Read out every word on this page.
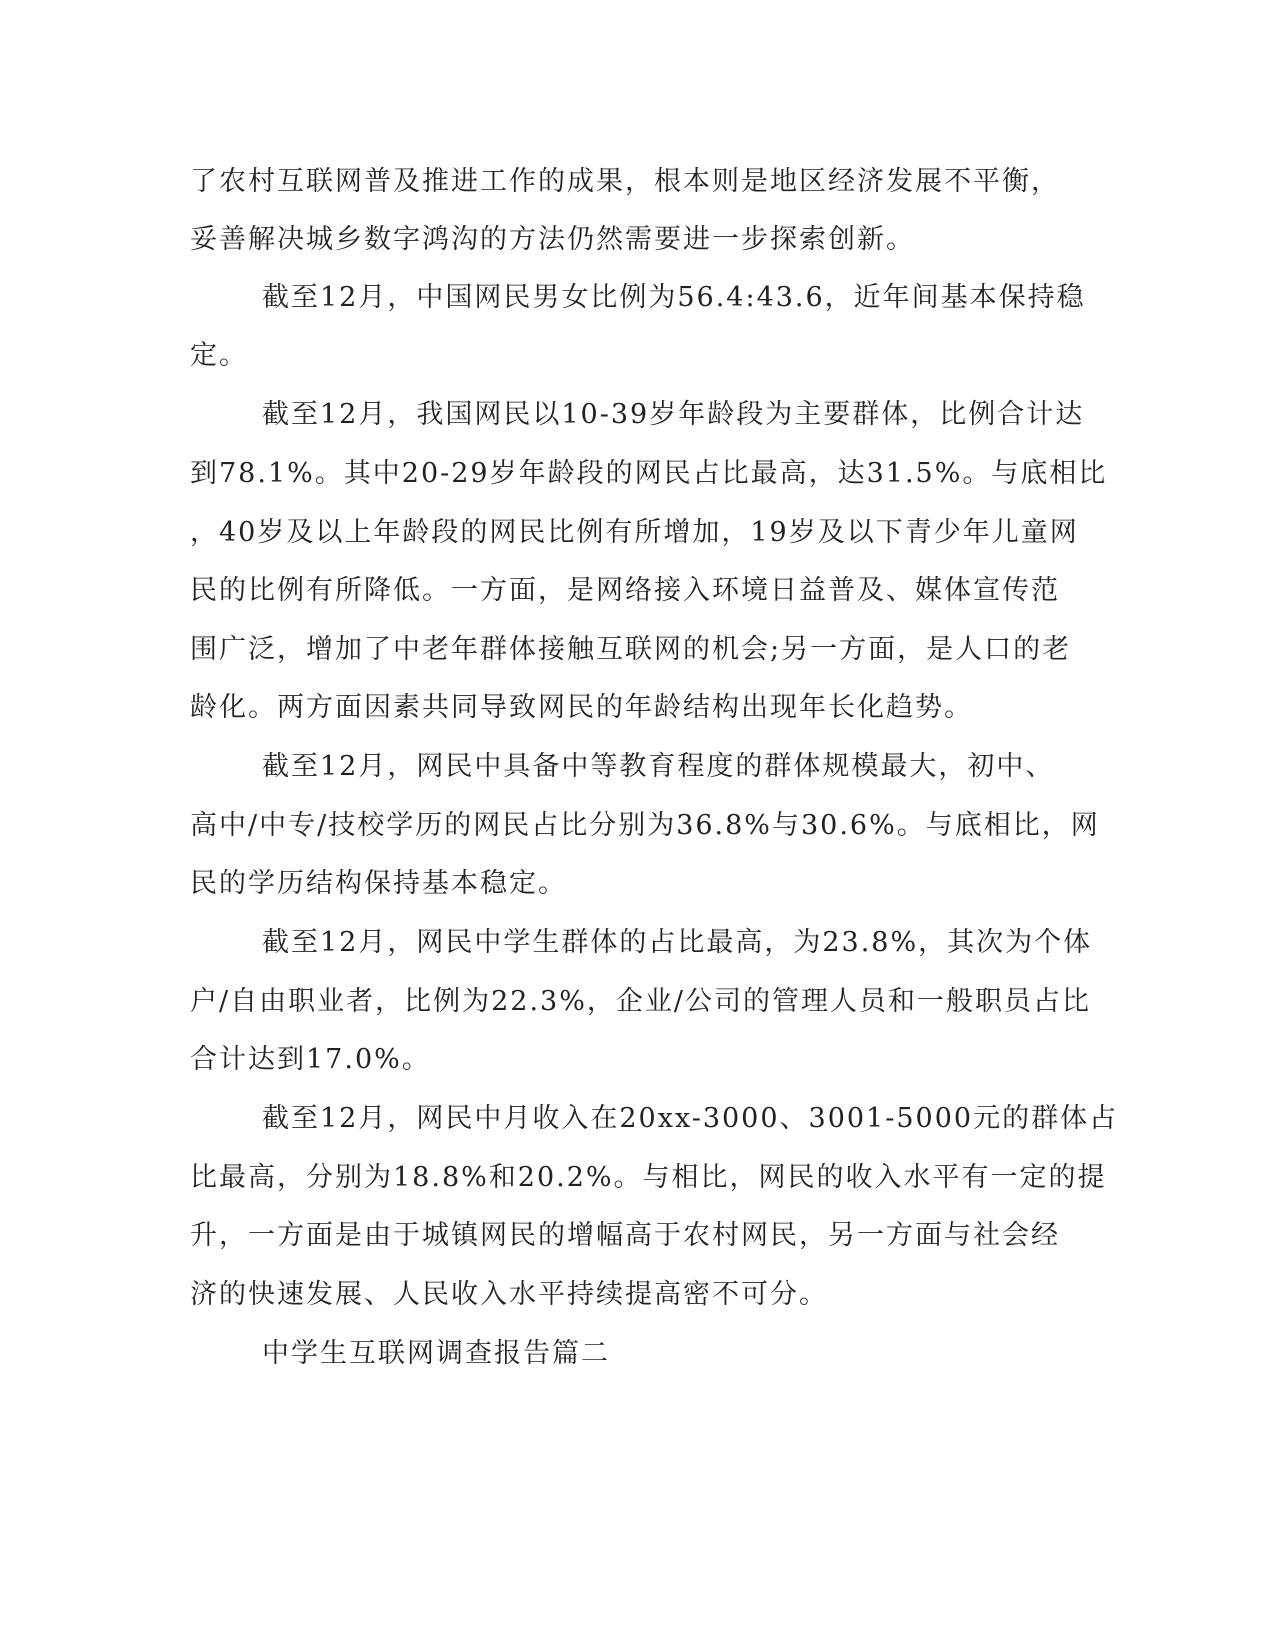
了农村互联网普及推进工作的成果，根本则是地区经济发展不平衡，
妥善解决城乡数字鸿沟的方法仍然需要进一步探索创新。
截至12月，中国网民男女比例为56.4:43.6，近年间基本保持稳
定。
截至12月，我国网民以10-39岁年龄段为主要群体，比例合计达
到78.1%。其中20-29岁年龄段的网民占比最高，达31.5%。与底相比
，40岁及以上年龄段的网民比例有所增加，19岁及以下青少年儿童网
民的比例有所降低。一方面，是网络接入环境日益普及、媒体宣传范
围广泛，增加了中老年群体接触互联网的机会;另一方面，是人口的老
龄化。两方面因素共同导致网民的年龄结构出现年长化趋势。
截至12月，网民中具备中等教育程度的群体规模最大，初中、
高中/中专/技校学历的网民占比分别为36.8%与30.6%。与底相比，网
民的学历结构保持基本稳定。
截至12月，网民中学生群体的占比最高，为23.8%，其次为个体
户/自由职业者，比例为22.3%，企业/公司的管理人员和一般职员占比
合计达到17.0%。
截至12月，网民中月收入在20xx-3000、3001-5000元的群体占
比最高，分别为18.8%和20.2%。与相比，网民的收入水平有一定的提
升，一方面是由于城镇网民的增幅高于农村网民，另一方面与社会经
济的快速发展、人民收入水平持续提高密不可分。
中学生互联网调查报告篇二
